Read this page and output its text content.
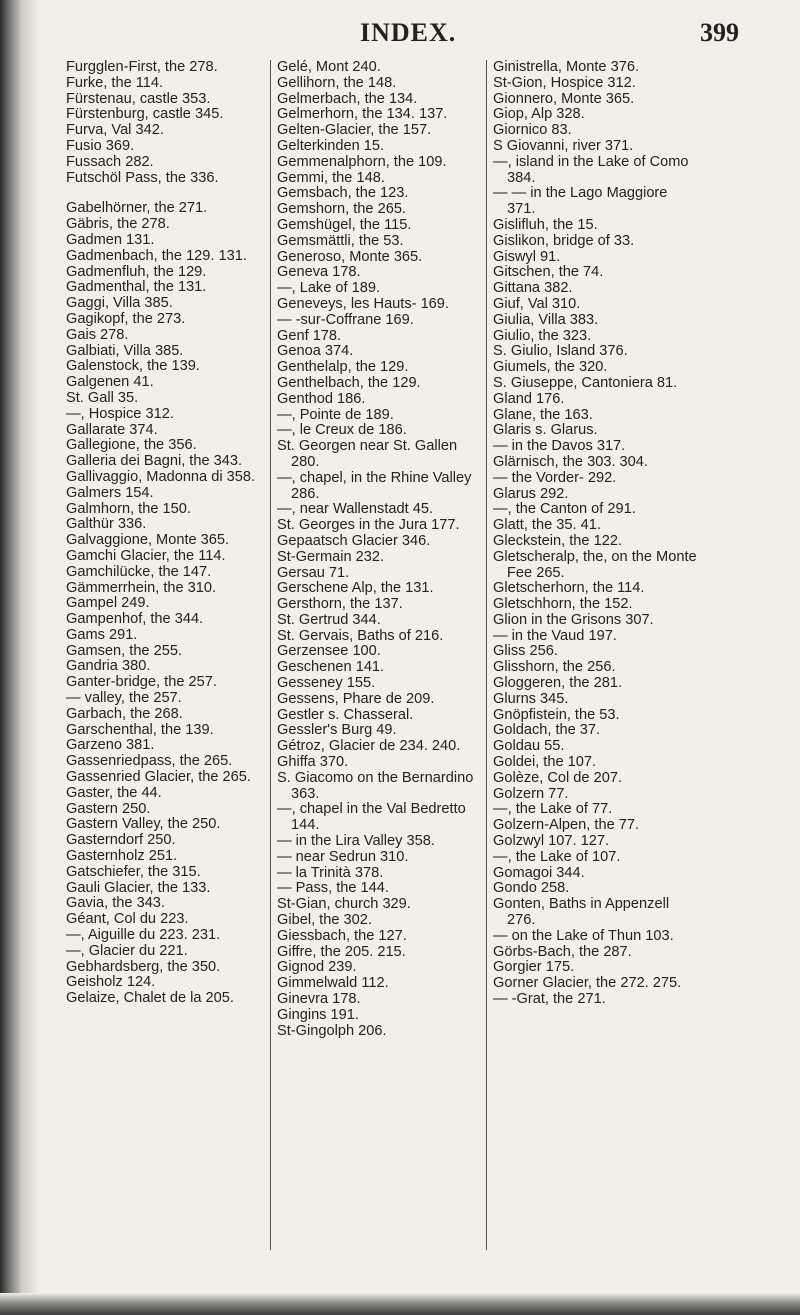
INDEX.	399
Furgglen-First, the 278.
Furke, the 114.
Fürstenau, castle 353.
Fürstenburg, castle 345.
Furva, Val 342.
Fusio 369.
Fussach 282.
Futschöl Pass, the 336.
Gabelhörner, the 271.
Gäbris, the 278.
Gadmen 131.
Gadmenbach, the 129. 131.
Gadmenfluh, the 129.
Gadmenthal, the 131.
Gaggi, Villa 385.
Gagikopf, the 273.
Gais 278.
Galbiati, Villa 385.
Galenstock, the 139.
Galgenen 41.
St. Gall 35.
—, Hospice 312.
Gallarate 374.
Gallegione, the 356.
Galleria dei Bagni, the 343.
Gallivaggio, Madonna di 358.
Galmers 154.
Galmhorn, the 150.
Galthür 336.
Galvaggione, Monte 365.
Gamchi Glacier, the 114.
Gamchilücke, the 147.
Gämmerrhein, the 310.
Gampel 249.
Gampenhof, the 344.
Gams 291.
Gamsen, the 255.
Gandria 380.
Ganter-bridge, the 257.
— valley, the 257.
Garbach, the 268.
Garschenthal, the 139.
Garzeno 381.
Gassenriedpass, the 265.
Gassenried Glacier, the 265.
Gaster, the 44.
Gastern 250.
Gastern Valley, the 250.
Gasterndorf 250.
Gasternholz 251.
Gatschiefer, the 315.
Gauli Glacier, the 133.
Gavia, the 343.
Géant, Col du 223.
—, Aiguille du 223. 231.
—, Glacier du 221.
Gebhardsberg, the 350.
Geisholz 124.
Gelaize, Chalet de la 205.
Gelé, Mont 240.
Gellihorn, the 148.
Gelmerbach, the 134.
Gelmerhorn, the 134. 137.
Gelten-Glacier, the 157.
Gelterkinden 15.
Gemmenalphorn, the 109.
Gemmi, the 148.
Gemsbach, the 123.
Gemshorn, the 265.
Gemshügel, the 115.
Gemsmättli, the 53.
Generoso, Monte 365.
Geneva 178.
—, Lake of 189.
Geneveys, les Hauts- 169.
— -sur-Coffrane 169.
Genf 178.
Genoa 374.
Genthelalp, the 129.
Genthelbach, the 129.
Genthod 186.
—, Pointe de 189.
—, le Creux de 186.
St. Georgen near St. Gallen 280.
—, chapel, in the Rhine Valley 286.
—, near Wallenstadt 45.
St. Georges in the Jura 177.
Gepaatsch Glacier 346.
St-Germain 232.
Gersau 71.
Gerschene Alp, the 131.
Gersthorn, the 137.
St. Gertrud 344.
St. Gervais, Baths of 216.
Gerzensee 100.
Geschenen 141.
Gesseney 155.
Gessens, Phare de 209.
Gestler s. Chasseral.
Gessler's Burg 49.
Gétroz, Glacier de 234. 240.
Ghiffa 370.
S. Giacomo on the Bernardino 363.
—, chapel in the Val Bedretto 144.
— in the Lira Valley 358.
— near Sedrun 310.
— la Trinità 378.
— Pass, the 144.
St-Gian, church 329.
Gibel, the 302.
Giessbach, the 127.
Giffre, the 205. 215.
Gignod 239.
Gimmelwald 112.
Ginevra 178.
Gingins 191.
St-Gingolph 206.
Ginistrella, Monte 376.
St-Gion, Hospice 312.
Gionnero, Monte 365.
Giop, Alp 328.
Giornico 83.
S Giovanni, river 371.
—, island in the Lake of Como 384.
— — in the Lago Maggiore 371.
Gislifluh, the 15.
Gislikon, bridge of 33.
Giswyl 91.
Gitschen, the 74.
Gittana 382.
Giuf, Val 310.
Giulia, Villa 383.
Giulio, the 323.
S. Giulio, Island 376.
Giumels, the 320.
S. Giuseppe, Cantoniera 81.
Gland 176.
Glane, the 163.
Glaris s. Glarus.
— in the Davos 317.
Glärnisch, the 303. 304.
— the Vorder- 292.
Glarus 292.
—, the Canton of 291.
Glatt, the 35. 41.
Gleckstein, the 122.
Gletscheralp, the, on the Monte Fee 265.
Gletscherhorn, the 114.
Gletschhorn, the 152.
Glion in the Grisons 307.
— in the Vaud 197.
Gliss 256.
Glisshorn, the 256.
Gloggeren, the 281.
Glurns 345.
Gnöpfistein, the 53.
Goldach, the 37.
Goldau 55.
Goldei, the 107.
Golèze, Col de 207.
Golzern 77.
—, the Lake of 77.
Golzern-Alpen, the 77.
Golzwyl 107. 127.
—, the Lake of 107.
Gomagoi 344.
Gondo 258.
Gonten, Baths in Appenzell 276.
— on the Lake of Thun 103.
Görbs-Bach, the 287.
Gorgier 175.
Gorner Glacier, the 272. 275.
— -Grat, the 271.
